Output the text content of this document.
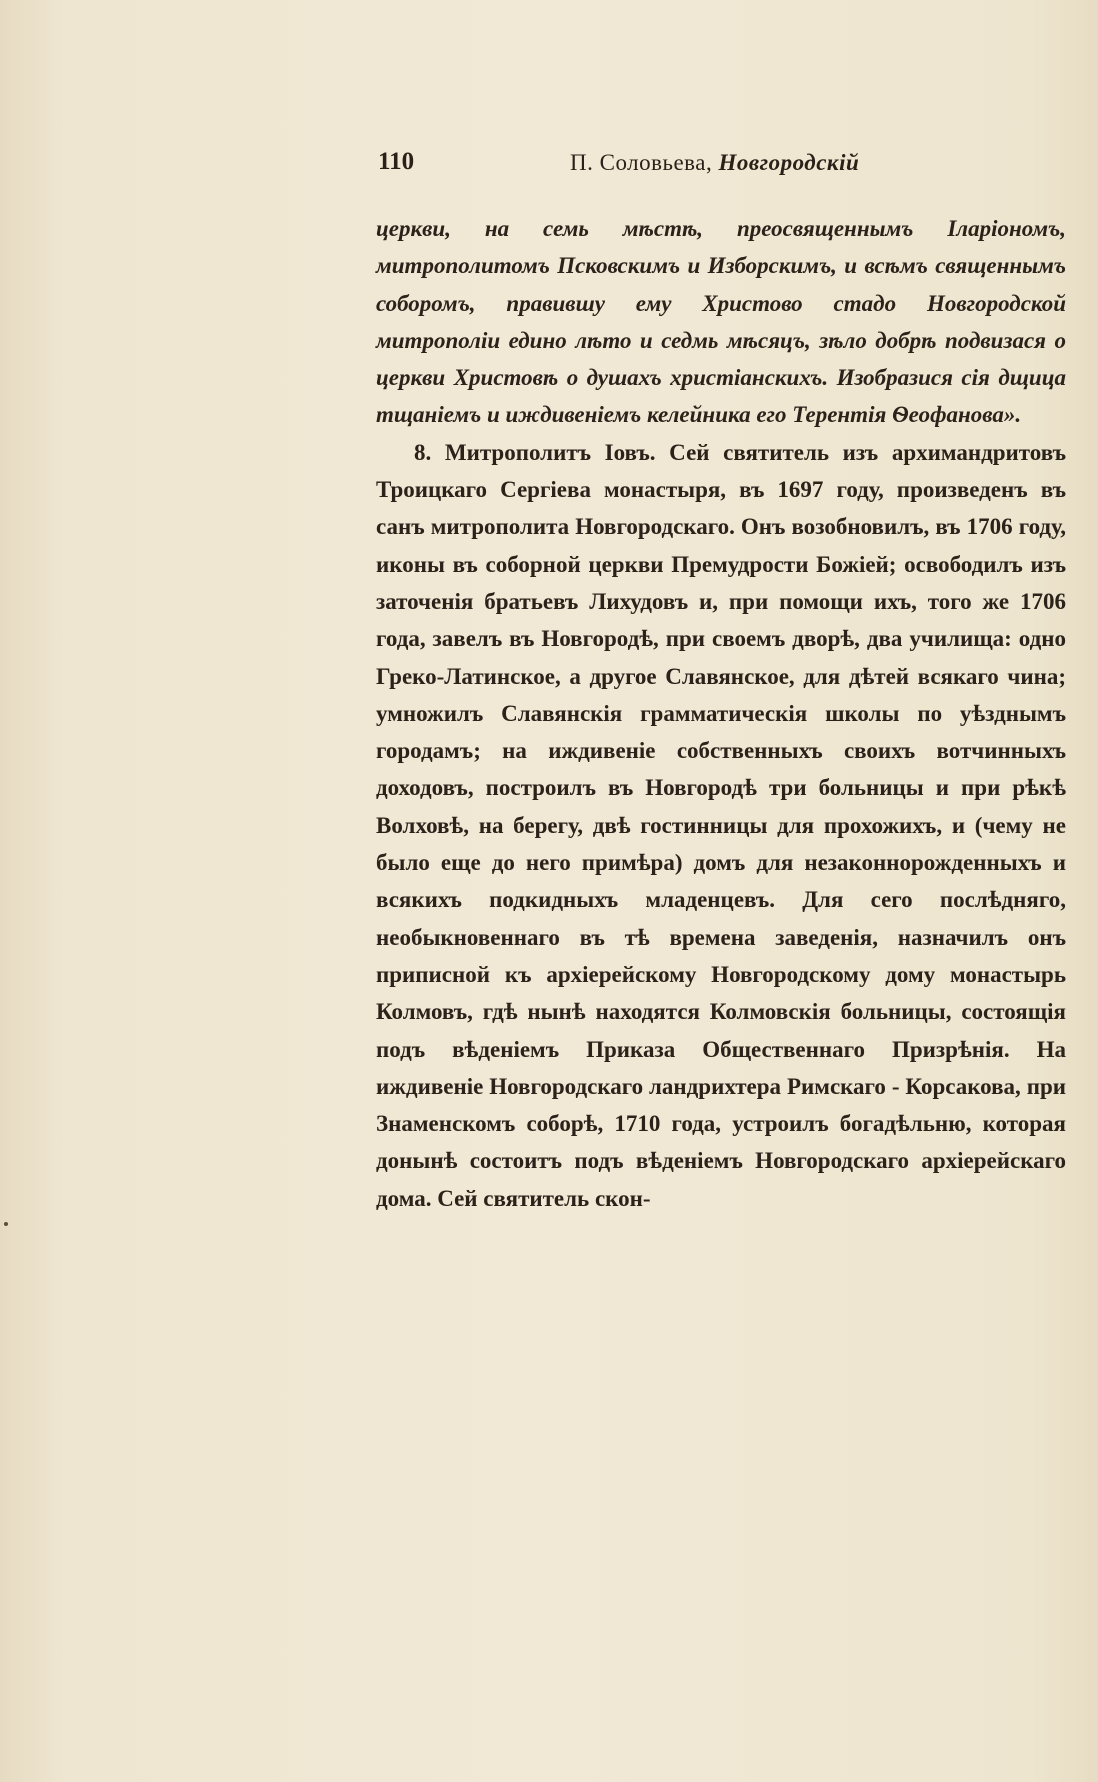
110	П. Соловьева, Новгородскій

церкви, на семь мѣстѣ, преосвященнымъ Іларіономъ, митрополитомъ Псковскимъ и Изборскимъ, и всѣмъ священнымъ соборомъ, правившу ему Христово стадо Новгородской митрополіи едино лѣто и седмь мѣсяцъ, зѣло добрѣ подвизася о церкви Христовѣ о душахъ христіанскихъ. Изобразися сія дщица тщаніемъ и иждивеніемъ келейника его Терентія Ѳеофанова».

8. Митрополитъ Іовъ. Сей святитель изъ архимандритовъ Троицкаго Сергіева монастыря, въ 1697 году, произведенъ въ санъ митрополита Новгородскаго. Онъ возобновилъ, въ 1706 году, иконы въ соборной церкви Премудрости Божіей; освободилъ изъ заточенія братьевъ Лихудовъ и, при помощи ихъ, того же 1706 года, завелъ въ Новгородѣ, при своемъ дворѣ, два училища: одно Греко-Латинское, а другое Славянское, для дѣтей всякаго чина; умножилъ Славянскія грамматическія школы по уѣзднымъ городамъ; на иждивеніе собственныхъ своихъ вотчинныхъ доходовъ, построилъ въ Новгородѣ три больницы и при рѣкѣ Волховѣ, на берегу, двѣ гостинницы для прохожихъ, и (чему не было еще до него примѣра) домъ для незаконнорожденныхъ и всякихъ подкидныхъ младенцевъ. Для сего послѣдняго, необыкновеннаго въ тѣ времена заведенія, назначилъ онъ приписной къ архіерейскому Новгородскому дому монастырь Колмовъ, гдѣ нынѣ находятся Колмовскія больницы, состоящія подъ вѣденіемъ Приказа Общественнаго Призрѣнія. На иждивеніе Новгородскаго ландрихтера Римскаго - Корсакова, при Знаменскомъ соборѣ, 1710 года, устроилъ богадѣльню, которая донынѣ состоитъ подъ вѣденіемъ Новгородскаго архіерейскаго дома. Сей святитель скон-
